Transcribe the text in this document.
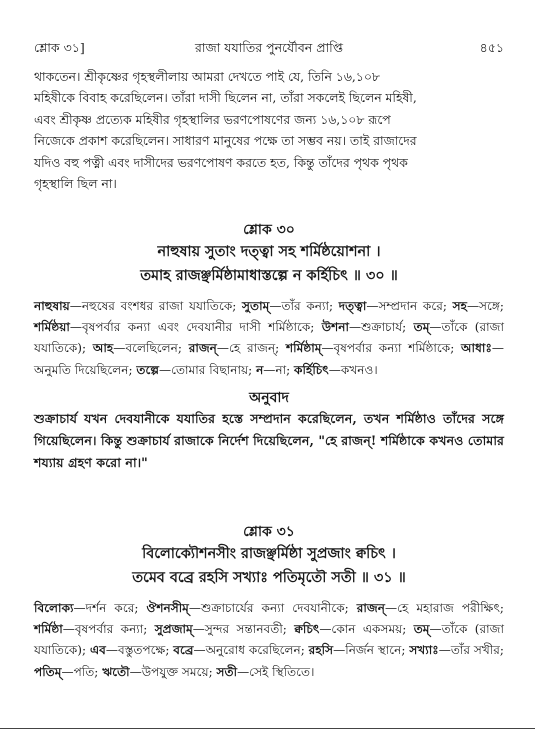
শ্লোক ৩১]	রাজা যযাতির পুনর্যৌবন প্রাপ্তি	৪৫১
থাকতেন। শ্রীকৃষ্ণের গৃহস্থলীলায় আমরা দেখতে পাই যে, তিনি ১৬,১০৮
মহিষীকে বিবাহ করেছিলেন। তাঁরা দাসী ছিলেন না, তাঁরা সকলেই ছিলেন মহিষী,
এবং শ্রীকৃষ্ণ প্রত্যেক মহিষীর গৃহস্থালির ভরণপোষণের জন্য ১৬,১০৮ রূপে
নিজেকে প্রকাশ করেছিলেন। সাধারণ মানুষের পক্ষে তা সম্ভব নয়। তাই রাজাদের
যদিও বহু পত্নী এবং দাসীদের ভরণপোষণ করতে হত, কিন্তু তাঁদের পৃথক পৃথক
গৃহস্থালি ছিল না।
শ্লোক ৩০
নাহুষায় সুতাং দত্ত্বা সহ শর্মিষ্ঠয়োশনা ।
তমাহ রাজঞ্ছর্মিষ্ঠামাধাস্তল্পে ন কর্হিচিৎ ॥ ৩০ ॥
নাহুষায়—নহুষের বংশধর রাজা যযাতিকে; সুতাম্—তাঁর কন্যা; দত্ত্বা—সম্প্রদান করে; সহ—সঙ্গে; শর্মিষ্ঠয়া—বৃষপর্বার কন্যা এবং দেবযানীর দাসী শর্মিষ্ঠাকে; উশনা—শুক্রাচার্য; তম্—তাঁকে (রাজা যযাতিকে); আহ—বলেছিলেন; রাজন্—হে রাজন্; শর্মিষ্ঠাম্—বৃষপর্বার কন্যা শর্মিষ্ঠাকে; আধাঃ—অনুমতি দিয়েছিলেন; তল্পে—তোমার বিছানায়; ন—না; কর্হিচিৎ—কখনও।
অনুবাদ
শুক্রাচার্য যখন দেবযানীকে যযাতির হস্তে সম্প্রদান করেছিলেন, তখন শর্মিষ্ঠাও তাঁদের সঙ্গে গিয়েছিলেন। কিন্তু শুক্রাচার্য রাজাকে নির্দেশ দিয়েছিলেন, "হে রাজন্! শর্মিষ্ঠাকে কখনও তোমার শয্যায় গ্রহণ করো না।"
শ্লোক ৩১
বিলোক্যৌশনসীং রাজঞ্ছর্মিষ্ঠা সুপ্রজাং ক্বচিৎ ।
তমেব বব্রে রহসি সখ্যাঃ পতিমৃতৌ সতী ॥ ৩১ ॥
বিলোক্য—দর্শন করে; ঔশনসীম্—শুক্রাচার্যের কন্যা দেবযানীকে; রাজন্—হে মহারাজ পরীক্ষিৎ; শর্মিষ্ঠা—বৃষপর্বার কন্যা; সুপ্রজাম্—সুন্দর সন্তানবতী; ক্বচিৎ—কোন একসময়; তম্—তাঁকে (রাজা যযাতিকে); এব—বস্তুতপক্ষে; বব্রে—অনুরোধ করেছিলেন; রহসি—নির্জন স্থানে; সখ্যাঃ—তাঁর সখীর; পতিম্—পতি; ঋতৌ—উপযুক্ত সময়ে; সতী—সেই স্থিতিতে।
